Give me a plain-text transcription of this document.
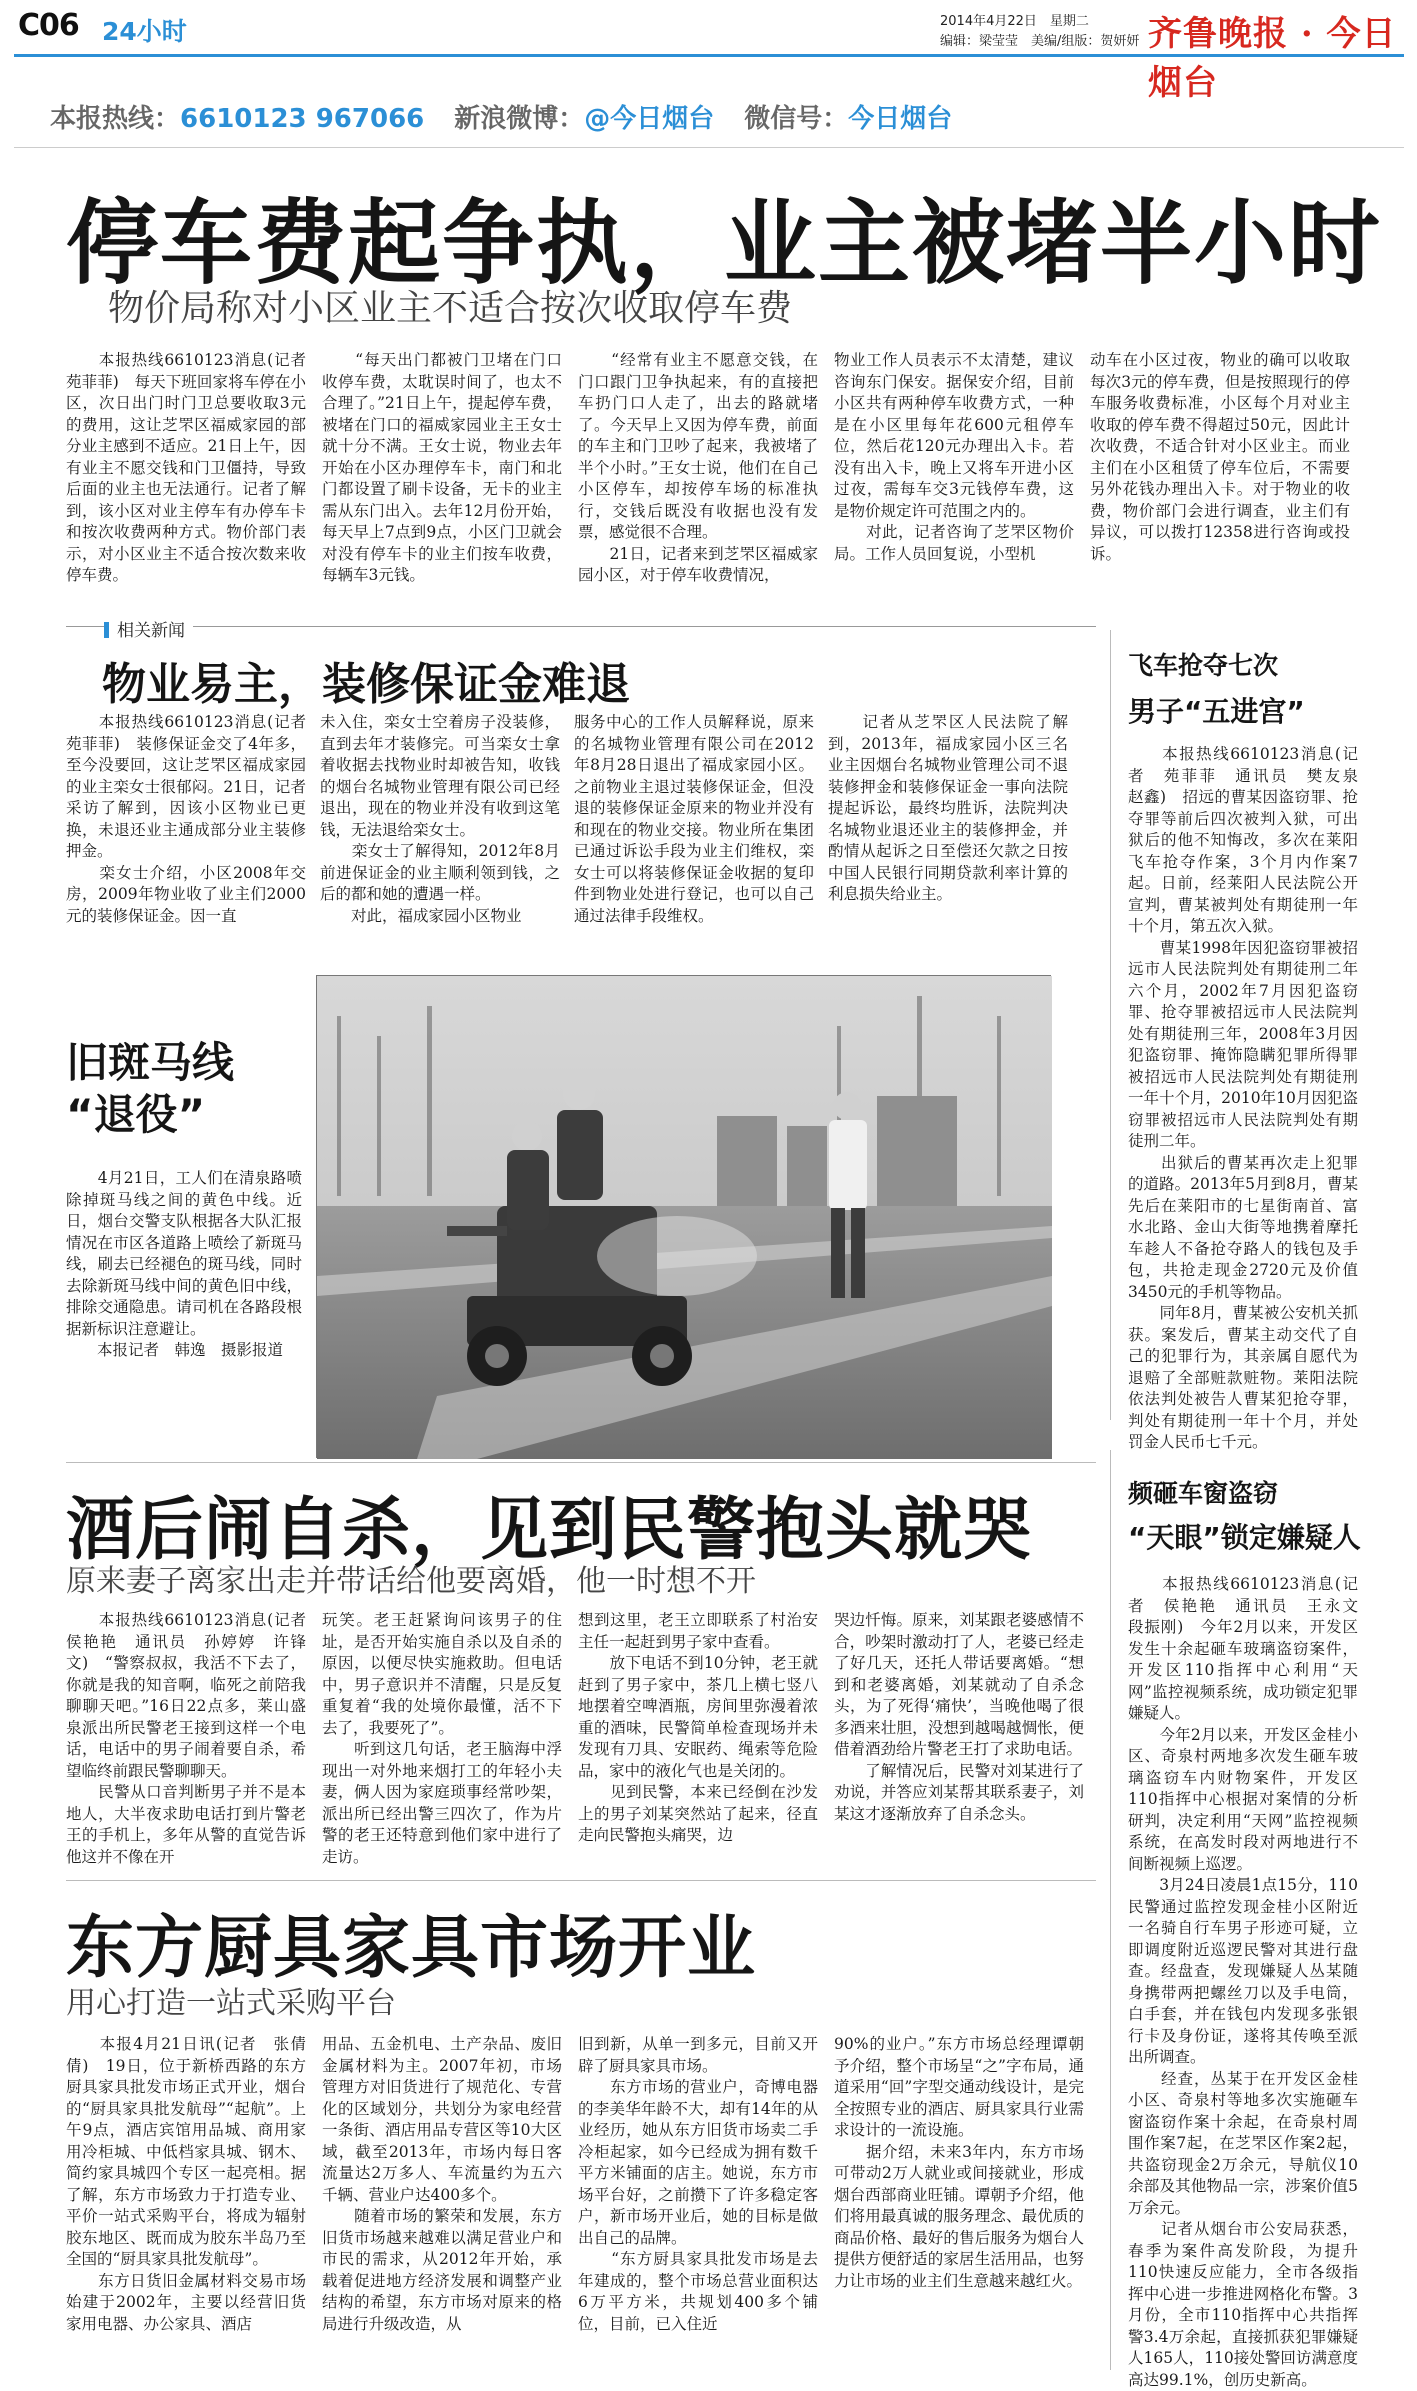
C06 24小时	2014年4月22日　星期二
编辑：梁莹莹　美编/组版：贺妍妍 齐鲁晚报 · 今日烟台
本报热线：6610123 967066 新浪微博：@今日烟台 微信号：今日烟台
停车费起争执，业主被堵半小时
物价局称对小区业主不适合按次收取停车费
　　本报热线6610123消息(记者　苑菲菲)　每天下班回家将车停在小区，次日出门时门卫总要收取3元的费用，这让芝罘区福威家园的部分业主感到不适应。21日上午，因有业主不愿交钱和门卫僵持，导致后面的业主也无法通行。记者了解到，该小区对业主停车有办停车卡和按次收费两种方式。物价部门表示，对小区业主不适合按次数来收停车费。
　　“每天出门都被门卫堵在门口收停车费，太耽误时间了，也太不合理了。”21日上午，提起停车费，被堵在门口的福威家园业主王女士就十分不满。王女士说，物业去年开始在小区办理停车卡，南门和北门都设置了刷卡设备，无卡的业主需从东门出入。去年12月份开始，每天早上7点到9点，小区门卫就会对没有停车卡的业主们按车收费，每辆车3元钱。
　　“经常有业主不愿意交钱，在门口跟门卫争执起来，有的直接把车扔门口人走了，出去的路就堵了。今天早上又因为停车费，前面的车主和门卫吵了起来，我被堵了半个小时。”王女士说，他们在自己小区停车，却按停车场的标准执行，交钱后既没有收据也没有发票，感觉很不合理。
　　21日，记者来到芝罘区福威家园小区，对于停车收费情况，
物业工作人员表示不太清楚，建议咨询东门保安。据保安介绍，目前小区共有两种停车收费方式，一种是在小区里每年花600元租停车位，然后花120元办理出入卡。若没有出入卡，晚上又将车开进小区过夜，需每车交3元钱停车费，这是物价规定许可范围之内的。
　　对此，记者咨询了芝罘区物价局。工作人员回复说，小型机
动车在小区过夜，物业的确可以收取每次3元的停车费，但是按照现行的停车服务收费标准，小区每个月对业主收取的停车费不得超过50元，因此计次收费，不适合针对小区业主。而业主们在小区租赁了停车位后，不需要另外花钱办理出入卡。对于物业的收费，物价部门会进行调查，业主们有异议，可以拨打12358进行咨询或投诉。
相关新闻
物业易主，装修保证金难退
　　本报热线6610123消息(记者　苑菲菲)　装修保证金交了4年多，至今没要回，这让芝罘区福成家园的业主栾女士很郁闷。21日，记者采访了解到，因该小区物业已更换，未退还业主通成部分业主装修押金。
　　栾女士介绍，小区2008年交房，2009年物业收了业主们2000元的装修保证金。因一直
未入住，栾女士空着房子没装修，直到去年才装修完。可当栾女士拿着收据去找物业时却被告知，收钱的烟台名城物业管理有限公司已经退出，现在的物业并没有收到这笔钱，无法退给栾女士。
　　栾女士了解得知，2012年8月前进保证金的业主顺利领到钱，之后的都和她的遭遇一样。
　　对此，福成家园小区物业
服务中心的工作人员解释说，原来的名城物业管理有限公司在2012年8月28日退出了福成家园小区。之前物业主退过装修保证金，但没退的装修保证金原来的物业并没有和现在的物业交接。物业所在集团已通过诉讼手段为业主们维权，栾女士可以将装修保证金收据的复印件到物业处进行登记，也可以自己通过法律手段维权。
　　记者从芝罘区人民法院了解到，2013年，福成家园小区三名业主因烟台名城物业管理公司不退装修押金和装修保证金一事向法院提起诉讼，最终均胜诉，法院判决名城物业退还业主的装修押金，并酌情从起诉之日至偿还欠款之日按中国人民银行同期贷款利率计算的利息损失给业主。
飞车抢夺七次
男子“五进宫”
　　本报热线6610123消息(记者　苑菲菲　通讯员　樊友泉　赵鑫)　招远的曹某因盗窃罪、抢夺罪等前后四次被判入狱，可出狱后的他不知悔改，多次在莱阳飞车抢夺作案，3个月内作案7起。日前，经莱阳人民法院公开宣判，曹某被判处有期徒刑一年十个月，第五次入狱。
　　曹某1998年因犯盗窃罪被招远市人民法院判处有期徒刑二年六个月，2002年7月因犯盗窃罪、抢夺罪被招远市人民法院判处有期徒刑三年，2008年3月因犯盗窃罪、掩饰隐瞒犯罪所得罪被招远市人民法院判处有期徒刑一年十个月，2010年10月因犯盗窃罪被招远市人民法院判处有期徒刑二年。
　　出狱后的曹某再次走上犯罪的道路。2013年5月到8月，曹某先后在莱阳市的七星街南首、富水北路、金山大街等地携着摩托车趁人不备抢夺路人的钱包及手包，共抢走现金2720元及价值3450元的手机等物品。
　　同年8月，曹某被公安机关抓获。案发后，曹某主动交代了自己的犯罪行为，其亲属自愿代为退赔了全部赃款赃物。莱阳法院依法判处被告人曹某犯抢夺罪，判处有期徒刑一年十个月，并处罚金人民币七千元。
旧斑马线
“退役”
　　4月21日，工人们在清泉路喷除掉斑马线之间的黄色中线。近日，烟台交警支队根据各大队汇报情况在市区各道路上喷绘了新斑马线，刷去已经褪色的斑马线，同时去除新斑马线中间的黄色旧中线，排除交通隐患。请司机在各路段根据新标识注意避让。
　　本报记者　韩逸　摄影报道
酒后闹自杀，见到民警抱头就哭
原来妻子离家出走并带话给他要离婚，他一时想不开
　　本报热线6610123消息(记者　侯艳艳　通讯员　孙婷婷　许锋文)　“警察叔叔，我活不下去了，你就是我的知音啊，临死之前陪我聊聊天吧。”16日22点多，莱山盛泉派出所民警老王接到这样一个电话，电话中的男子闹着要自杀，希望临终前跟民警聊聊天。
　　民警从口音判断男子并不是本地人，大半夜求助电话打到片警老王的手机上，多年从警的直觉告诉他这并不像在开
玩笑。老王赶紧询问该男子的住址，是否开始实施自杀以及自杀的原因，以便尽快实施救助。但电话中，男子意识并不清醒，只是反复重复着“我的处境你最懂，活不下去了，我要死了”。
　　听到这几句话，老王脑海中浮现出一对外地来烟打工的年轻小夫妻，俩人因为家庭琐事经常吵架，派出所已经出警三四次了，作为片警的老王还特意到他们家中进行了走访。
想到这里，老王立即联系了村治安主任一起赶到男子家中查看。
　　放下电话不到10分钟，老王就赶到了男子家中，茶几上横七竖八地摆着空啤酒瓶，房间里弥漫着浓重的酒味，民警简单检查现场并未发现有刀具、安眠药、绳索等危险品，家中的液化气也是关闭的。
　　见到民警，本来已经倒在沙发上的男子刘某突然站了起来，径直走向民警抱头痛哭，边
哭边忏悔。原来，刘某跟老婆感情不合，吵架时激动打了人，老婆已经走了好几天，还托人带话要离婚。“想到和老婆离婚，刘某就动了自杀念头，为了死得‘痛快’，当晚他喝了很多酒来壮胆，没想到越喝越惆怅，便借着酒劲给片警老王打了求助电话。
　　了解情况后，民警对刘某进行了劝说，并答应刘某帮其联系妻子，刘某这才逐渐放弃了自杀念头。
频砸车窗盗窃
“天眼”锁定嫌疑人
　　本报热线6610123消息(记者　侯艳艳　通讯员　王永文　段振刚)　今年2月以来，开发区发生十余起砸车玻璃盗窃案件，开发区110指挥中心利用“天网”监控视频系统，成功锁定犯罪嫌疑人。
　　今年2月以来，开发区金桂小区、奇泉村两地多次发生砸车玻璃盗窃车内财物案件，开发区110指挥中心根据对案情的分析研判，决定利用“天网”监控视频系统，在高发时段对两地进行不间断视频上巡逻。
　　3月24日凌晨1点15分，110民警通过监控发现金桂小区附近一名骑自行车男子形迹可疑，立即调度附近巡逻民警对其进行盘查。经盘查，发现嫌疑人丛某随身携带两把螺丝刀以及手电筒，白手套，并在钱包内发现多张银行卡及身份证，遂将其传唤至派出所调查。
　　经查，丛某于在开发区金桂小区、奇泉村等地多次实施砸车窗盗窃作案十余起，在奇泉村周围作案7起，在芝罘区作案2起，共盗窃现金2万余元，导航仪10余部及其他物品一宗，涉案价值5万余元。
　　记者从烟台市公安局获悉，春季为案件高发阶段，为提升110快速反应能力，全市各级指挥中心进一步推进网格化布警。3月份，全市110指挥中心共指挥警3.4万余起，直接抓获犯罪嫌疑人165人，110接处警回访满意度高达99.1%，创历史新高。
东方厨具家具市场开业
用心打造一站式采购平台
　　本报4月21日讯(记者　张倩倩)　19日，位于新桥西路的东方厨具家具批发市场正式开业，烟台的“厨具家具批发航母”“起航”。上午9点，酒店宾馆用品城、商用家用冷柜城、中低档家具城、钢木、简约家具城四个专区一起亮相。据了解，东方市场致力于打造专业、平价一站式采购平台，将成为辐射胶东地区、既而成为胶东半岛乃至全国的“厨具家具批发航母”。
　　东方日货旧金属材料交易市场始建于2002年，主要以经营旧货家用电器、办公家具、酒店
用品、五金机电、土产杂品、废旧金属材料为主。2007年初，市场管理方对旧货进行了规范化、专营化的区域划分，共划分为家电经营一条街、酒店用品专营区等10大区域，截至2013年，市场内每日客流量达2万多人、车流量约为五六千辆、营业户达400多个。
　　随着市场的繁荣和发展，东方旧货市场越来越难以满足营业户和市民的需求，从2012年开始，承载着促进地方经济发展和调整产业结构的希望，东方市场对原来的格局进行升级改造，从
旧到新，从单一到多元，目前又开辟了厨具家具市场。
　　东方市场的营业户，奇博电器的李美华年龄不大，却有14年的从业经历，她从东方旧货市场卖二手冷柜起家，如今已经成为拥有数千平方米铺面的店主。她说，东方市场平台好，之前攒下了许多稳定客户，新市场开业后，她的目标是做出自己的品牌。
　　“东方厨具家具批发市场是去年建成的，整个市场总营业面积达6万平方米，共规划400多个铺位，目前，已入住近
90%的业户。”东方市场总经理谭朝予介绍，整个市场呈“之”字布局，通道采用“回”字型交通动线设计，是完全按照专业的酒店、厨具家具行业需求设计的一流设施。
　　据介绍，未来3年内，东方市场可带动2万人就业或间接就业，形成烟台西部商业旺铺。谭朝予介绍，他们将用最真诚的服务理念、最优质的商品价格、最好的售后服务为烟台人提供方便舒适的家居生活用品，也努力让市场的业主们生意越来越红火。
